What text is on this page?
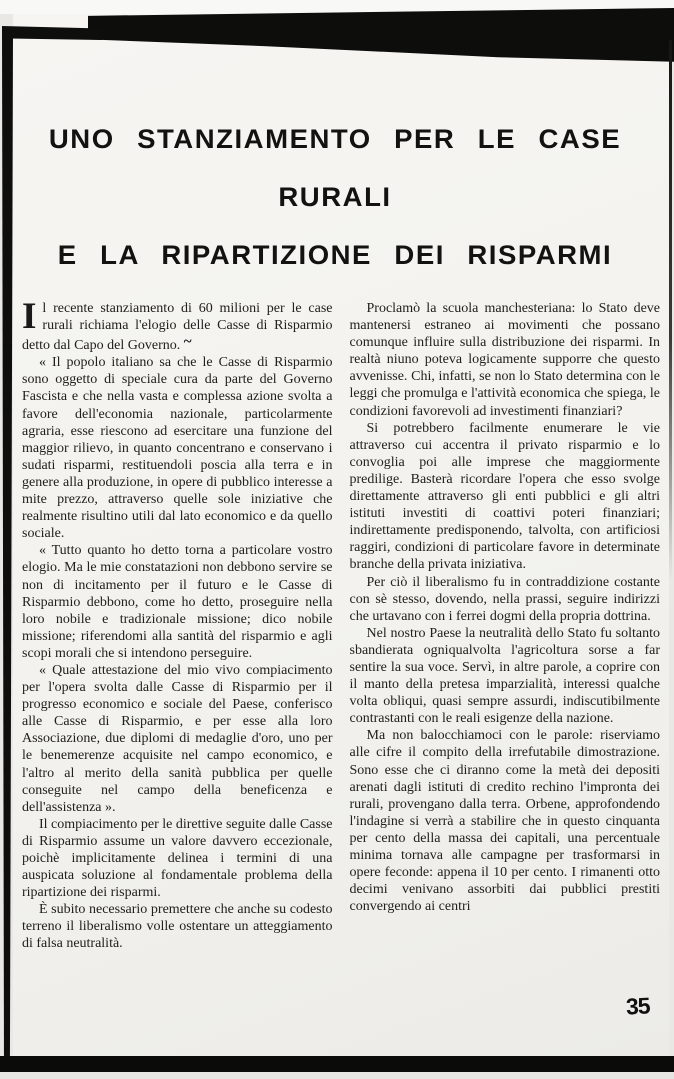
UNO STANZIAMENTO PER LE CASE RURALI
E LA RIPARTIZIONE DEI RISPARMI

Il recente stanziamento di 60 milioni per le case rurali richiama l'elogio delle Casse di Risparmio detto dal Capo del Governo. ~

« Il popolo italiano sa che le Casse di Risparmio sono oggetto di speciale cura da parte del Governo Fascista e che nella vasta e complessa azione svolta a favore dell'economia nazionale, particolarmente agraria, esse riescono ad esercitare una funzione del maggior rilievo, in quanto concentrano e conservano i sudati risparmi, restituendoli poscia alla terra e in genere alla produzione, in opere di pubblico interesse a mite prezzo, attraverso quelle sole iniziative che realmente risultino utili dal lato economico e da quello sociale.

« Tutto quanto ho detto torna a particolare vostro elogio. Ma le mie constatazioni non debbono servire se non di incitamento per il futuro e le Casse di Risparmio debbono, come ho detto, proseguire nella loro nobile e tradizionale missione; dico nobile missione; riferendomi alla santità del risparmio e agli scopi morali che si intendono perseguire.

« Quale attestazione del mio vivo compiacimento per l'opera svolta dalle Casse di Risparmio per il progresso economico e sociale del Paese, conferisco alle Casse di Risparmio, e per esse alla loro Associazione, due diplomi di medaglie d'oro, uno per le benemerenze acquisite nel campo economico, e l'altro al merito della sanità pubblica per quelle conseguite nel campo della beneficenza e dell'assistenza ».

Il compiacimento per le direttive seguite dalle Casse di Risparmio assume un valore davvero eccezionale, poichè implicitamente delinea i termini di una auspicata soluzione al fondamentale problema della ripartizione dei risparmi.

È subito necessario premettere che anche su codesto terreno il liberalismo volle ostentare un atteggiamento di falsa neutralità.

Proclamò la scuola manchesteriana: lo Stato deve mantenersi estraneo ai movimenti che possano comunque influire sulla distribuzione dei risparmi. In realtà niuno poteva logicamente supporre che questo avvenisse. Chi, infatti, se non lo Stato determina con le leggi che promulga e l'attività economica che spiega, le condizioni favorevoli ad investimenti finanziari?

Si potrebbero facilmente enumerare le vie attraverso cui accentra il privato risparmio e lo convoglia poi alle imprese che maggiormente predilige. Basterà ricordare l'opera che esso svolge direttamente attraverso gli enti pubblici e gli altri istituti investiti di coattivi poteri finanziari; indirettamente predisponendo, talvolta, con artificiosi raggiri, condizioni di particolare favore in determinate branche della privata iniziativa.

Per ciò il liberalismo fu in contraddizione costante con sè stesso, dovendo, nella prassi, seguire indirizzi che urtavano con i ferrei dogmi della propria dottrina.

Nel nostro Paese la neutralità dello Stato fu soltanto sbandierata ogniqualvolta l'agricoltura sorse a far sentire la sua voce. Servì, in altre parole, a coprire con il manto della pretesa imparzialità, interessi qualche volta obliqui, quasi sempre assurdi, indiscutibilmente contrastanti con le reali esigenze della nazione.

Ma non balocchiamoci con le parole: riserviamo alle cifre il compito della irrefutabile dimostrazione. Sono esse che ci diranno come la metà dei depositi arenati dagli istituti di credito rechino l'impronta dei rurali, provengano dalla terra. Orbene, approfondendo l'indagine si verrà a stabilire che in questo cinquanta per cento della massa dei capitali, una percentuale minima tornava alle campagne per trasformarsi in opere feconde: appena il 10 per cento. I rimanenti otto decimi venivano assorbiti dai pubblici prestiti convergendo ai centri

35
